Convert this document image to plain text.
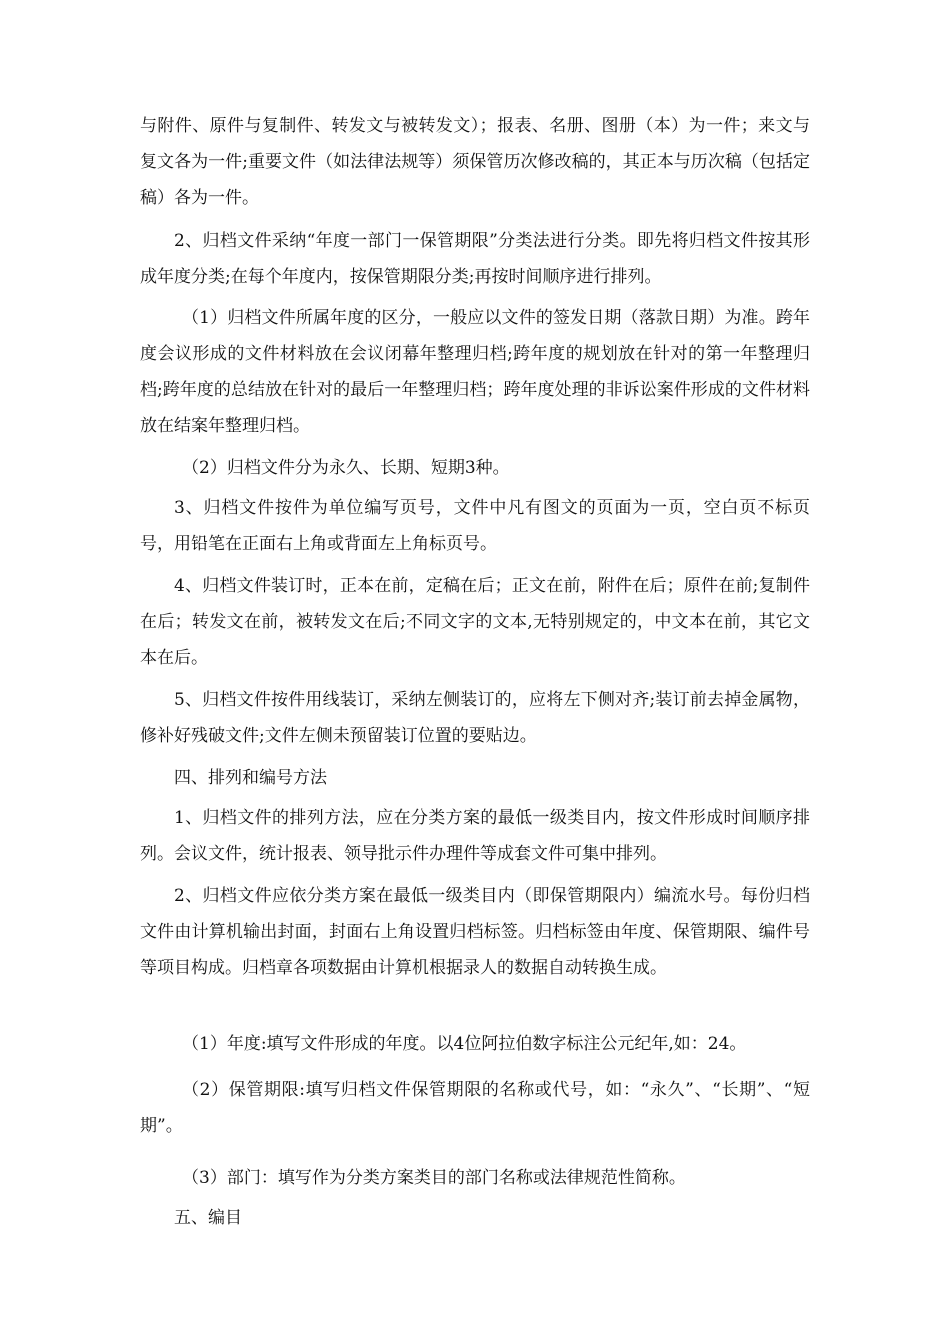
与附件、原件与复制件、转发文与被转发文）；报表、名册、图册（本）为一件；来文与复文各为一件;重要文件（如法律法规等）须保管历次修改稿的，其正本与历次稿（包括定稿）各为一件。

2、归档文件采纳“年度一部门一保管期限”分类法进行分类。即先将归档文件按其形成年度分类;在每个年度内，按保管期限分类;再按时间顺序进行排列。

（1）归档文件所属年度的区分，一般应以文件的签发日期（落款日期）为准。跨年度会议形成的文件材料放在会议闭幕年整理归档;跨年度的规划放在针对的第一年整理归档;跨年度的总结放在针对的最后一年整理归档；跨年度处理的非诉讼案件形成的文件材料放在结案年整理归档。

（2）归档文件分为永久、长期、短期3种。

3、归档文件按件为单位编写页号，文件中凡有图文的页面为一页，空白页不标页号，用铅笔在正面右上角或背面左上角标页号。

4、归档文件装订时，正本在前，定稿在后；正文在前，附件在后；原件在前;复制件在后；转发文在前，被转发文在后;不同文字的文本,无特别规定的，中文本在前，其它文本在后。

5、归档文件按件用线装订，采纳左侧装订的，应将左下侧对齐;装订前去掉金属物，修补好残破文件;文件左侧未预留装订位置的要贴边。

四、排列和编号方法

1、归档文件的排列方法，应在分类方案的最低一级类目内，按文件形成时间顺序排列。会议文件，统计报表、领导批示件办理件等成套文件可集中排列。

2、归档文件应依分类方案在最低一级类目内（即保管期限内）编流水号。每份归档文件由计算机输出封面，封面右上角设置归档标签。归档标签由年度、保管期限、编件号等项目构成。归档章各项数据由计算机根据录人的数据自动转换生成。

（1）年度:填写文件形成的年度。以4位阿拉伯数字标注公元纪年,如：24。

（2）保管期限:填写归档文件保管期限的名称或代号，如：“永久”、“长期”、“短期”。

（3）部门：填写作为分类方案类目的部门名称或法律规范性简称。

五、编目
